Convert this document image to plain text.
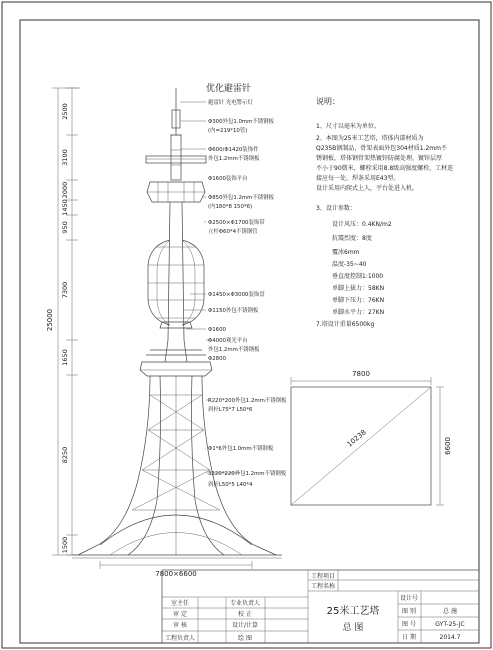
25000
2500
3100
2000
1450
950
7300
1650
8250
1500
7800×6600
优化避雷针
避雷针 光电警示灯
Φ300外包1.0mm不锈钢板
(内=219*10管)
Φ600/Φ1420装饰件
外包1.2mm不锈钢板
Φ1600装饰平台
Φ850外包1.2mm不锈钢板
(内180*8 150*6)
Φ2500×Φ1700装饰带
立杆Φ60*4不锈钢管
Φ1450×Φ3000装饰盘
Φ1150外包不锈钢板
Φ1600
Φ4000观光平台
外包1.2mm不锈钢板
Φ2800
R220*200外包1.2mm不锈钢板
斜杆L75*7 L50*6
Φ1*6外包1.0mm不锈钢板
3220*220外包1.2mm不锈钢板
斜杆L50*5 L40*4
说明：
1、尺寸以毫米为单位。
2、本图为25米工艺塔，塔体内部材质为
Q235B钢制品，骨架表面外包304材质1.2mm不
锈钢板，塔体钢骨架热镀锌防腐处理，镀锌层厚
不小于90微米，螺栓采用8.8级高强度螺栓，工材连
接应每一处，焊条采用E43型。
设计采用内爬式上人，平台处进入机。
3、设计参数：
设计风压：0.4KN/m2
抗震烈度：8度
覆冰6mm
温度-35~40
垂直度控制1:1000
单脚上拔力：58KN
单脚下压力：76KN
单脚水平力：27KN
7.塔设计重量6500kg
7800
10238	6600
工程项目
工程名称
室主任	专业负责人
审 定	校 正
审 核	设计/计算
工程负责人	绘 图
25米工艺塔
总 图
设计号
图 别	总 施
图 号	GYT-25-JC
日 期	2014.7
